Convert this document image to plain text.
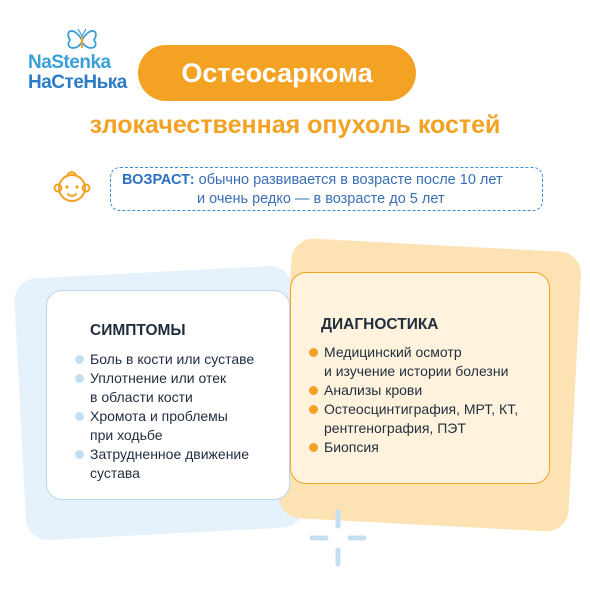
NaStenka
НаСтеНька Остеосаркома
злокачественная опухоль костей
ВОЗРАСТ: обычно развивается в возрасте после 10 лет
и очень редко — в возрасте до 5 лет
СИМПТОМЫ
Боль в кости или суставе
Уплотнение или отек
в области кости
Хромота и проблемы
при ходьбе
Затрудненное движение
сустава
ДИАГНОСТИКА
Медицинский осмотр
и изучение истории болезни
Анализы крови
Остеосцинтиграфия, МРТ, КТ,
рентгенография, ПЭТ
Биопсия
